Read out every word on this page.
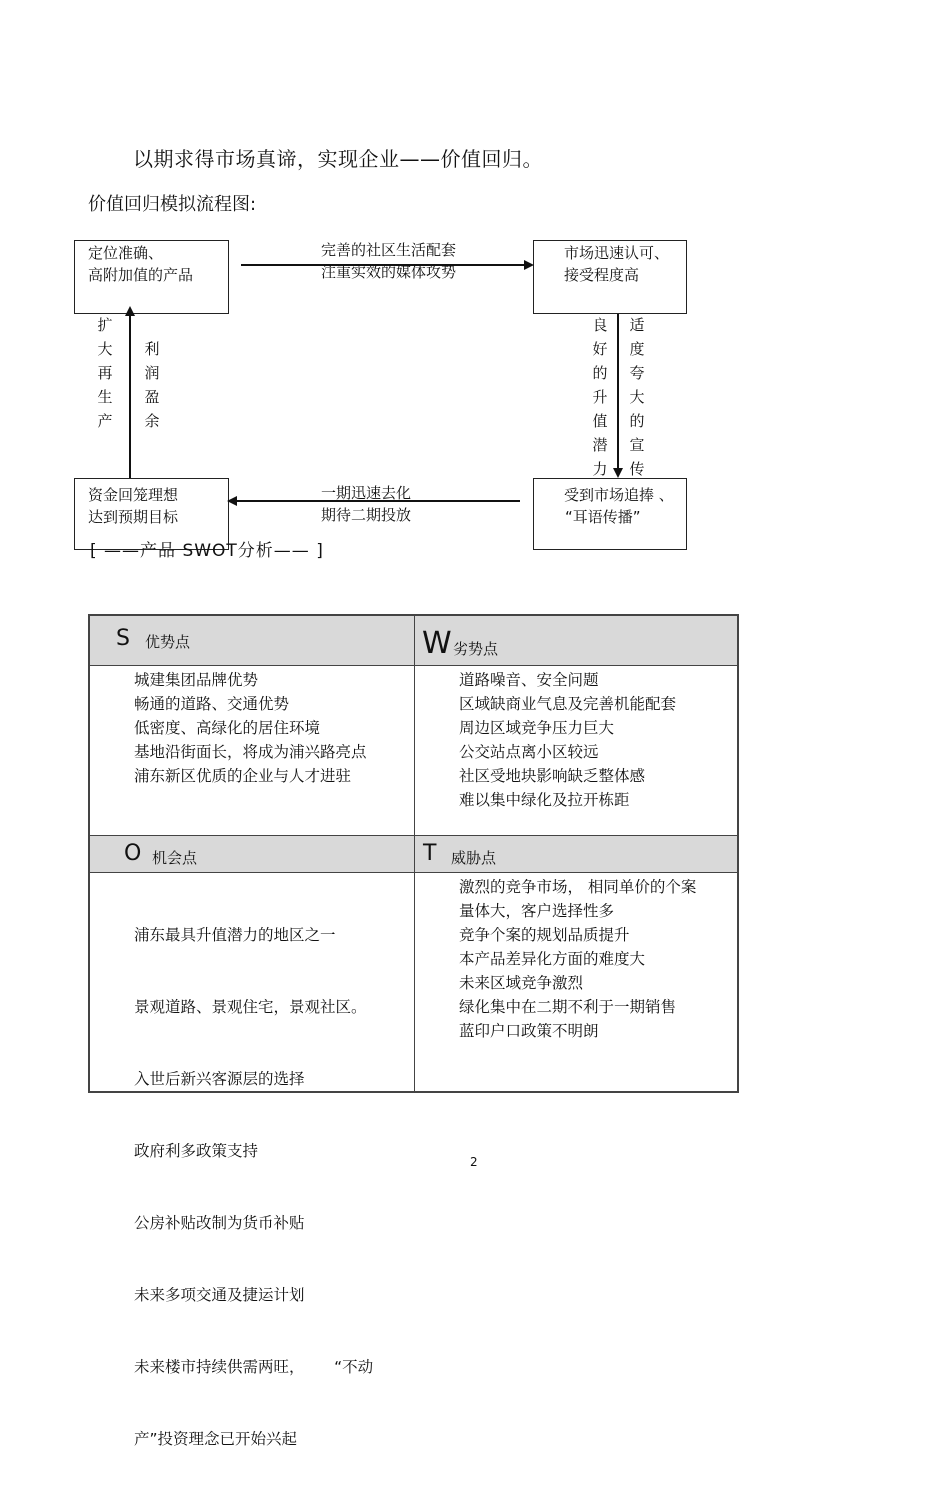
以期求得市场真谛，实现企业——价值回归。
价值回归模拟流程图:
定位准确、
高附加值的产品
市场迅速认可、
接受程度高
受到市场追捧 、
“耳语传播”
资金回笼理想
达到预期目标
完善的社区生活配套
注重实效的媒体攻势
一期迅速去化
期待二期投放
扩
大
再
生
产
利
润
盈
余
良
好
的
升
值
潜
力
适
度
夸
大
的
宣
传
[ ——产品 SWOT分析—— ]
S 优势点	W 劣势点
城建集团品牌优势
畅通的道路、交通优势
低密度、高绿化的居住环境
基地沿街面长，将成为浦兴路亮点
浦东新区优质的企业与人才进驻
道路噪音、安全问题
区域缺商业气息及完善机能配套
周边区域竞争压力巨大
公交站点离小区较远
社区受地块影响缺乏整体感
难以集中绿化及拉开栋距
O 机会点	T 威胁点

浦东最具升值潜力的地区之一

景观道路、景观住宅，景观社区。

入世后新兴客源层的选择

政府利多政策支持

公房补贴改制为货币补贴

未来多项交通及捷运计划

未来楼市持续供需两旺，      “不动

产”投资理念已开始兴起

激烈的竞争市场， 相同单价的个案
量体大，客户选择性多
竞争个案的规划品质提升
本产品差异化方面的难度大
未来区域竞争激烈
绿化集中在二期不利于一期销售
蓝印户口政策不明朗
2
